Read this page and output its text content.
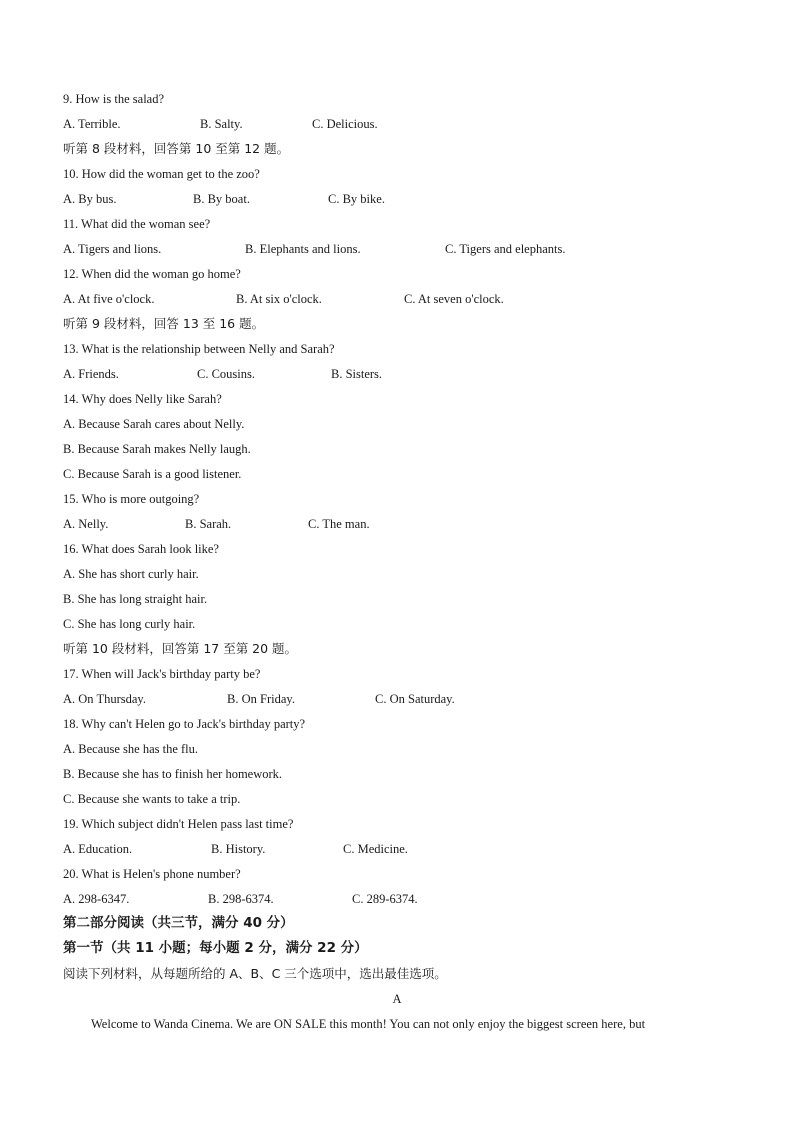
9. How is the salad?

A. Terrible.

	B. Salty.

	C. Delicious.

听第 8 段材料，回答第 10 至第 12 题。
10. How did the woman get to the zoo?

A. By bus.

	B. By boat.

	C. By bike.

11. What did the woman see?

A. Tigers and lions.

	B. Elephants and lions.

	C. Tigers and elephants.

12. When did the woman go home?

A. At five o'clock.

	B. At six o'clock.

	C. At seven o'clock.

听第 9 段材料，回答 13 至 16 题。
13. What is the relationship between Nelly and Sarah?

A. Friends.

	C. Cousins.

	B. Sisters.

14. Why does Nelly like Sarah?
A. Because Sarah cares about Nelly.
B. Because Sarah makes Nelly laugh.
C. Because Sarah is a good listener.
15. Who is more outgoing?

A. Nelly.

	B. Sarah.

	C. The man.

16. What does Sarah look like?
A. She has short curly hair.
B. She has long straight hair.
C. She has long curly hair.
听第 10 段材料，回答第 17 至第 20 题。
17. When will Jack's birthday party be?

A. On Thursday.

	B. On Friday.

	C. On Saturday.

18. Why can't Helen go to Jack's birthday party?
A. Because she has the flu.
B. Because she has to finish her homework.
C. Because she wants to take a trip.
19. Which subject didn't Helen pass last time?

A. Education.

	B. History.

	C. Medicine.

20. What is Helen's phone number?

A. 298-6347.

	B. 298-6374.

	C. 289-6374.

第二部分阅读（共三节，满分 40 分）
第一节（共 11 小题；每小题 2 分，满分 22 分）
阅读下列材料，从每题所给的 A、B、C 三个选项中，选出最佳选项。
A
Welcome to Wanda Cinema. We are ON SALE this month! You can not only enjoy the biggest screen here, but
